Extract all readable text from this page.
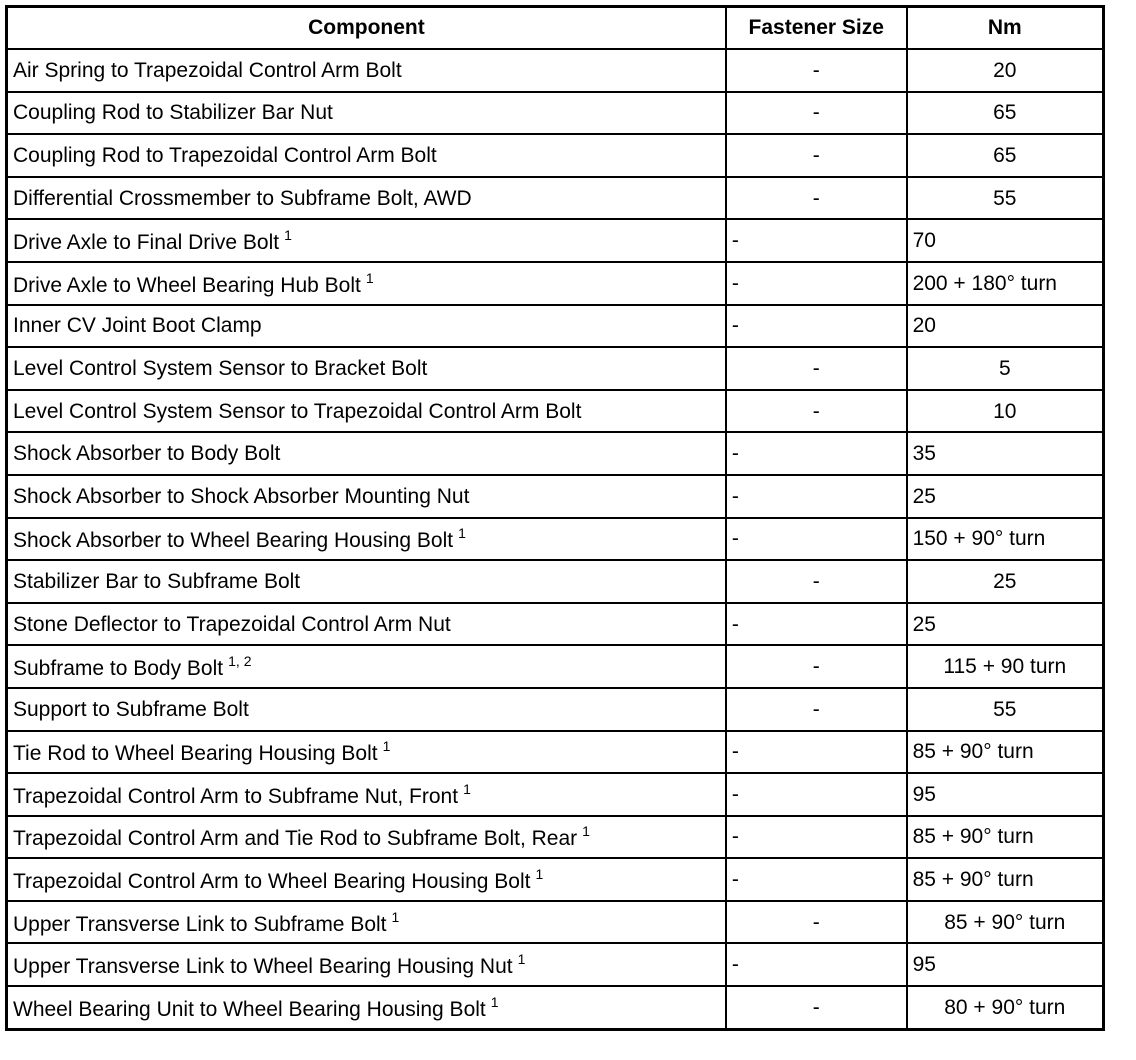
Component	Fastener Size	Nm
Air Spring to Trapezoidal Control Arm Bolt	-	20
Coupling Rod to Stabilizer Bar Nut	-	65
Coupling Rod to Trapezoidal Control Arm Bolt	-	65
Differential Crossmember to Subframe Bolt, AWD	-	55
Drive Axle to Final Drive Bolt $^1$	-	70
Drive Axle to Wheel Bearing Hub Bolt $^1$	-	200 + 180° turn
Inner CV Joint Boot Clamp	-	20
Level Control System Sensor to Bracket Bolt	-	5
Level Control System Sensor to Trapezoidal Control Arm Bolt	-	10
Shock Absorber to Body Bolt	-	35
Shock Absorber to Shock Absorber Mounting Nut	-	25
Shock Absorber to Wheel Bearing Housing Bolt $^1$	-	150 + 90° turn
Stabilizer Bar to Subframe Bolt	-	25
Stone Deflector to Trapezoidal Control Arm Nut	-	25
Subframe to Body Bolt $^{1, 2}$	-	115 + 90 turn
Support to Subframe Bolt	-	55
Tie Rod to Wheel Bearing Housing Bolt $^1$	-	85 + 90° turn
Trapezoidal Control Arm to Subframe Nut, Front $^1$	-	95
Trapezoidal Control Arm and Tie Rod to Subframe Bolt, Rear $^1$	-	85 + 90° turn
Trapezoidal Control Arm to Wheel Bearing Housing Bolt $^1$	-	85 + 90° turn
Upper Transverse Link to Subframe Bolt $^1$	-	85 + 90° turn
Upper Transverse Link to Wheel Bearing Housing Nut $^1$	-	95
Wheel Bearing Unit to Wheel Bearing Housing Bolt $^1$	-	80 + 90° turn
